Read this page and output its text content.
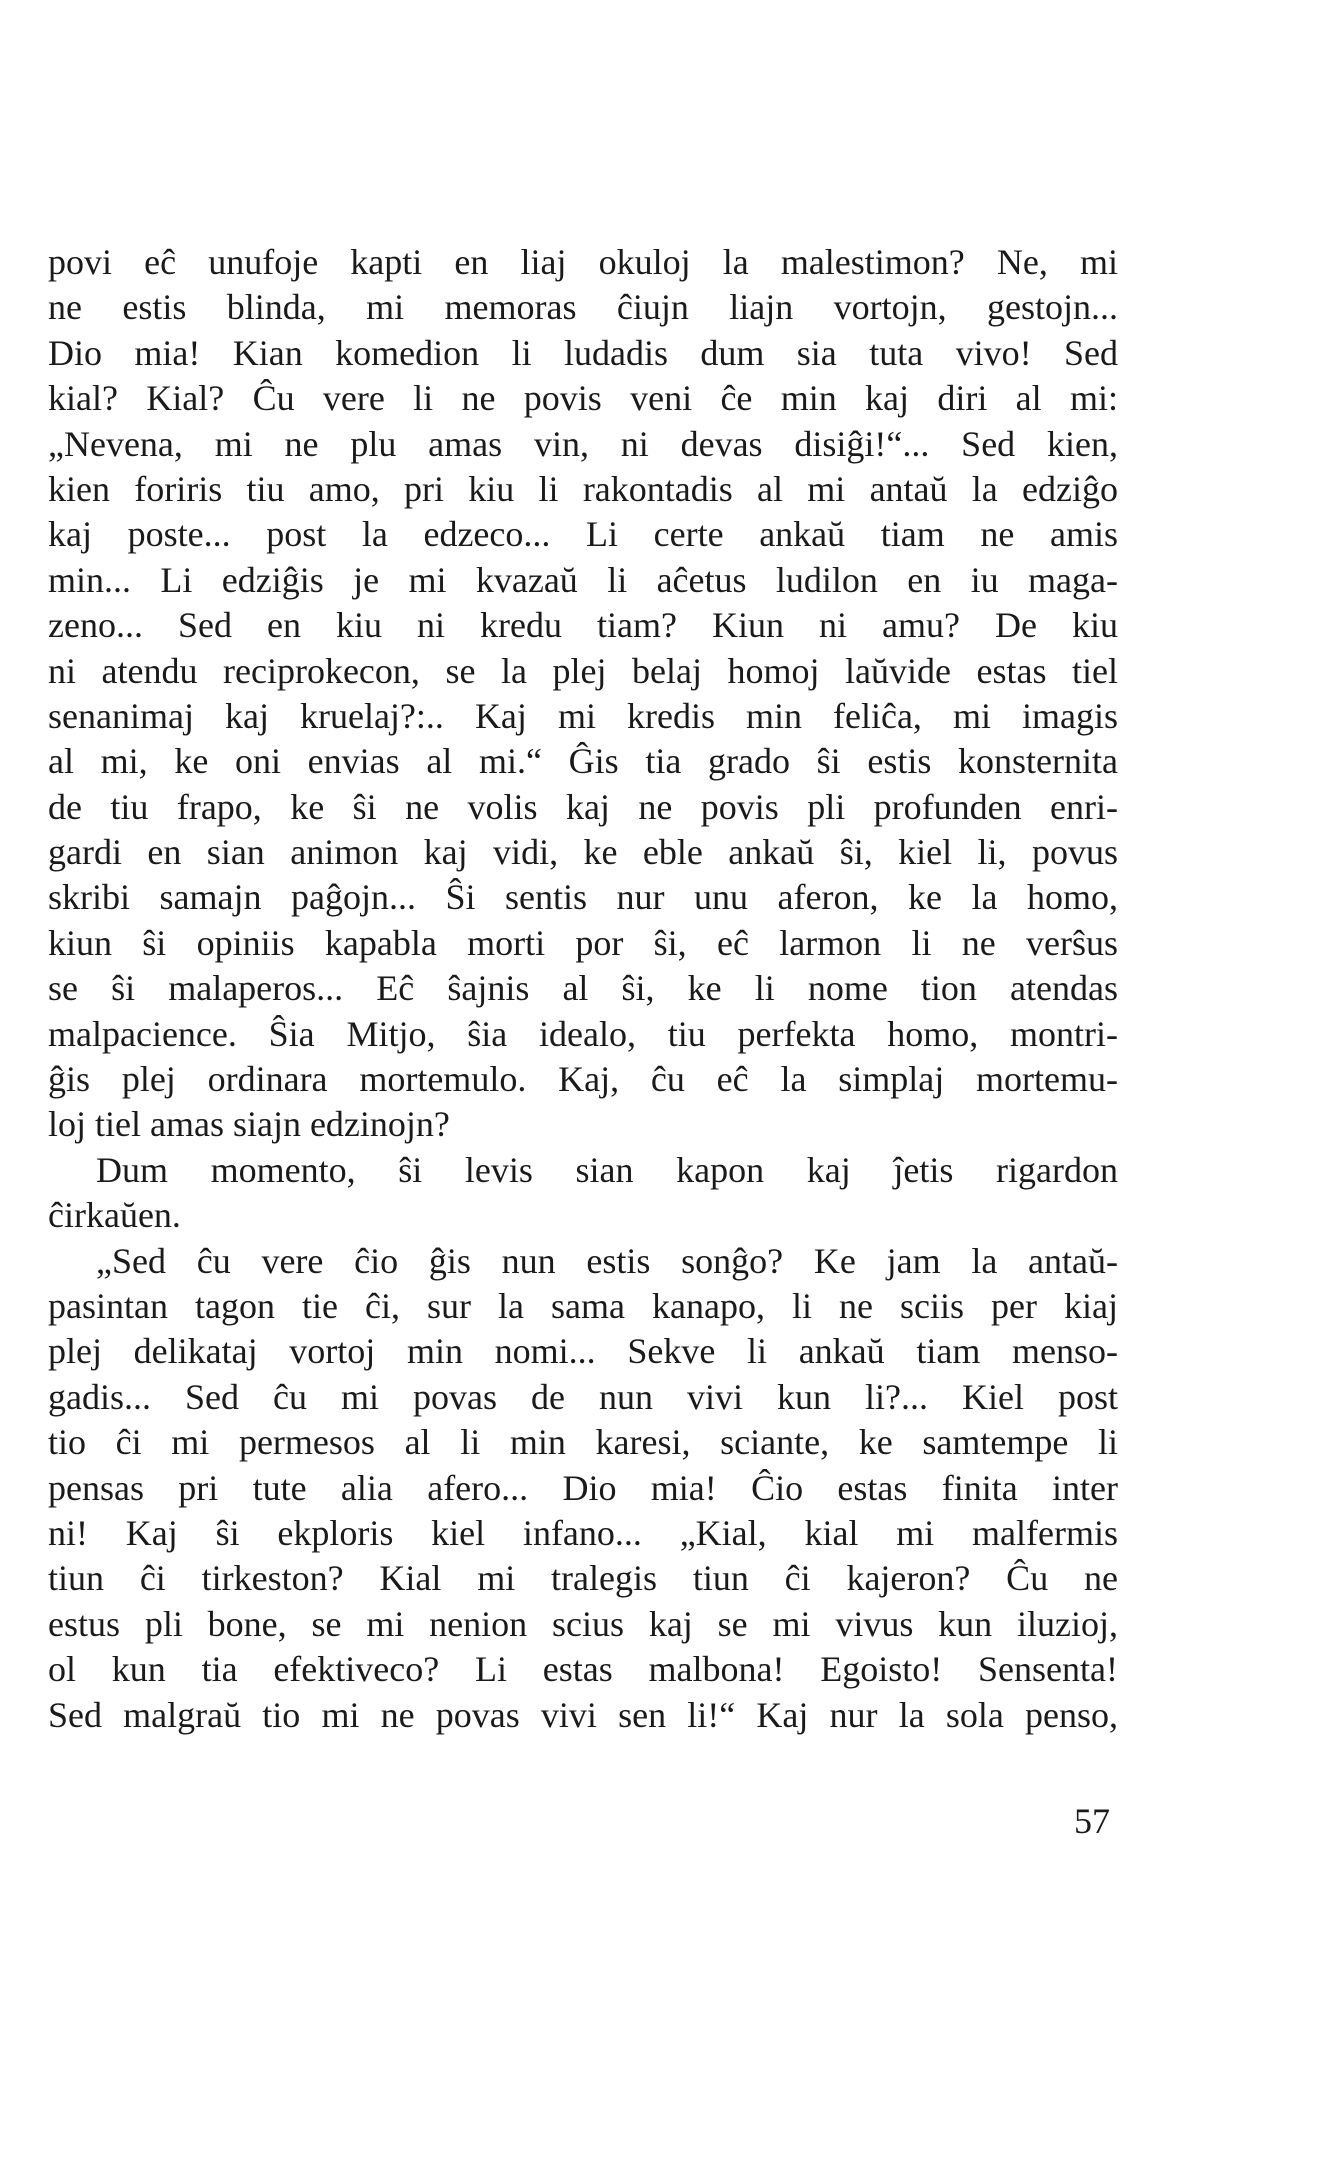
povi eĉ unufoje kapti en liaj okuloj la malestimon? Ne, mi
ne estis blinda, mi memoras ĉiujn liajn vortojn, gestojn...
Dio mia! Kian komedion li ludadis dum sia tuta vivo! Sed
kial? Kial? Ĉu vere li ne povis veni ĉe min kaj diri al mi:
„Nevena, mi ne plu amas vin, ni devas disiĝi!“... Sed kien,
kien foriris tiu amo, pri kiu li rakontadis al mi antaŭ la edziĝo
kaj poste... post la edzeco... Li certe ankaŭ tiam ne amis
min... Li edziĝis je mi kvazaŭ li aĉetus ludilon en iu maga-
zeno... Sed en kiu ni kredu tiam? Kiun ni amu? De kiu
ni atendu reciprokecon, se la plej belaj homoj laŭvide estas tiel
senanimaj kaj kruelaj?:.. Kaj mi kredis min feliĉa, mi imagis
al mi, ke oni envias al mi.“ Ĝis tia grado ŝi estis konsternita
de tiu frapo, ke ŝi ne volis kaj ne povis pli profunden enri-
gardi en sian animon kaj vidi, ke eble ankaŭ ŝi, kiel li, povus
skribi samajn paĝojn... Ŝi sentis nur unu aferon, ke la homo,
kiun ŝi opiniis kapabla morti por ŝi, eĉ larmon li ne verŝus
se ŝi malaperos... Eĉ ŝajnis al ŝi, ke li nome tion atendas
malpacience. Ŝia Mitjo, ŝia idealo, tiu perfekta homo, montri-
ĝis plej ordinara mortemulo. Kaj, ĉu eĉ la simplaj mortemu-
loj tiel amas siajn edzinojn?
Dum momento, ŝi levis sian kapon kaj ĵetis rigardon
ĉirkaŭen.
„Sed ĉu vere ĉio ĝis nun estis sonĝo? Ke jam la antaŭ-
pasintan tagon tie ĉi, sur la sama kanapo, li ne sciis per kiaj
plej delikataj vortoj min nomi... Sekve li ankaŭ tiam menso-
gadis... Sed ĉu mi povas de nun vivi kun li?... Kiel post
tio ĉi mi permesos al li min karesi, sciante, ke samtempe li
pensas pri tute alia afero... Dio mia! Ĉio estas finita inter
ni! Kaj ŝi ekploris kiel infano... „Kial, kial mi malfermis
tiun ĉi tirkeston? Kial mi tralegis tiun ĉi kajeron? Ĉu ne
estus pli bone, se mi nenion scius kaj se mi vivus kun iluzioj,
ol kun tia efektiveco? Li estas malbona! Egoisto! Sensenta!
Sed malgraŭ tio mi ne povas vivi sen li!“ Kaj nur la sola penso,
57
